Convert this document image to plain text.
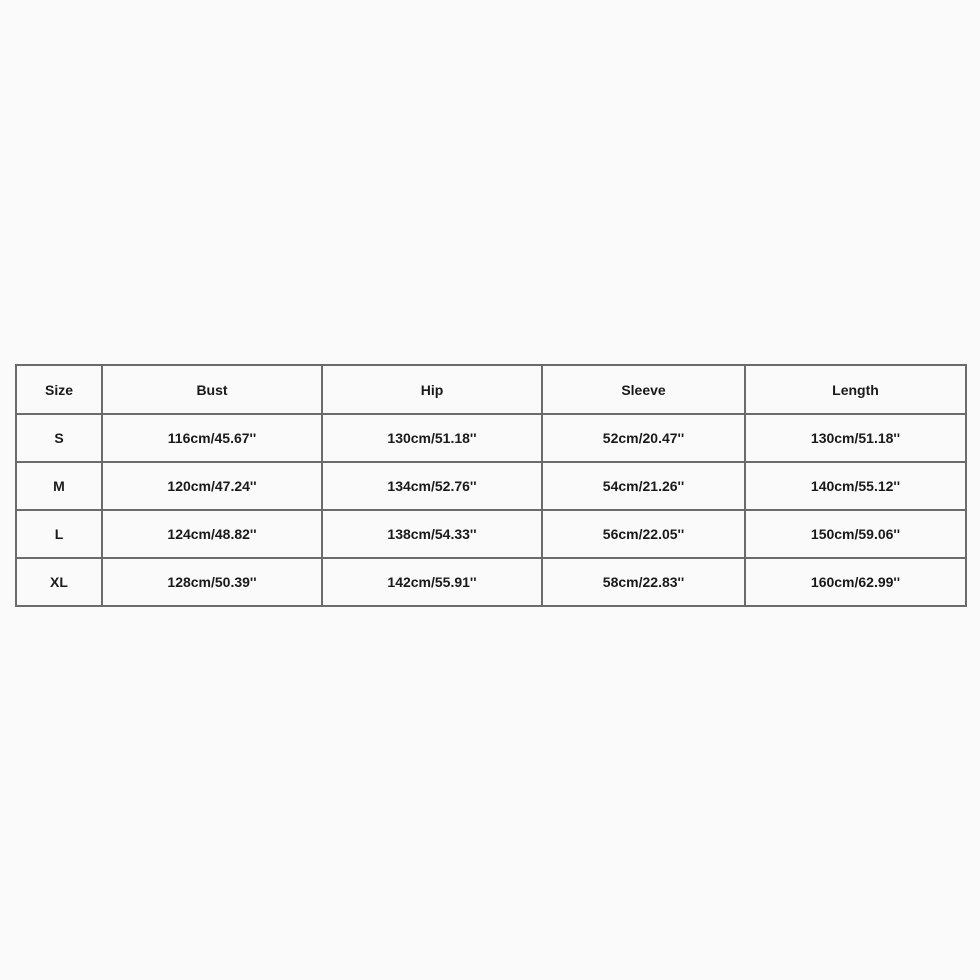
Size	Bust	Hip	Sleeve	Length
S	116cm/45.67''	130cm/51.18''	52cm/20.47''	130cm/51.18''
M	120cm/47.24''	134cm/52.76''	54cm/21.26''	140cm/55.12''
L	124cm/48.82''	138cm/54.33''	56cm/22.05''	150cm/59.06''
XL	128cm/50.39''	142cm/55.91''	58cm/22.83''	160cm/62.99''
